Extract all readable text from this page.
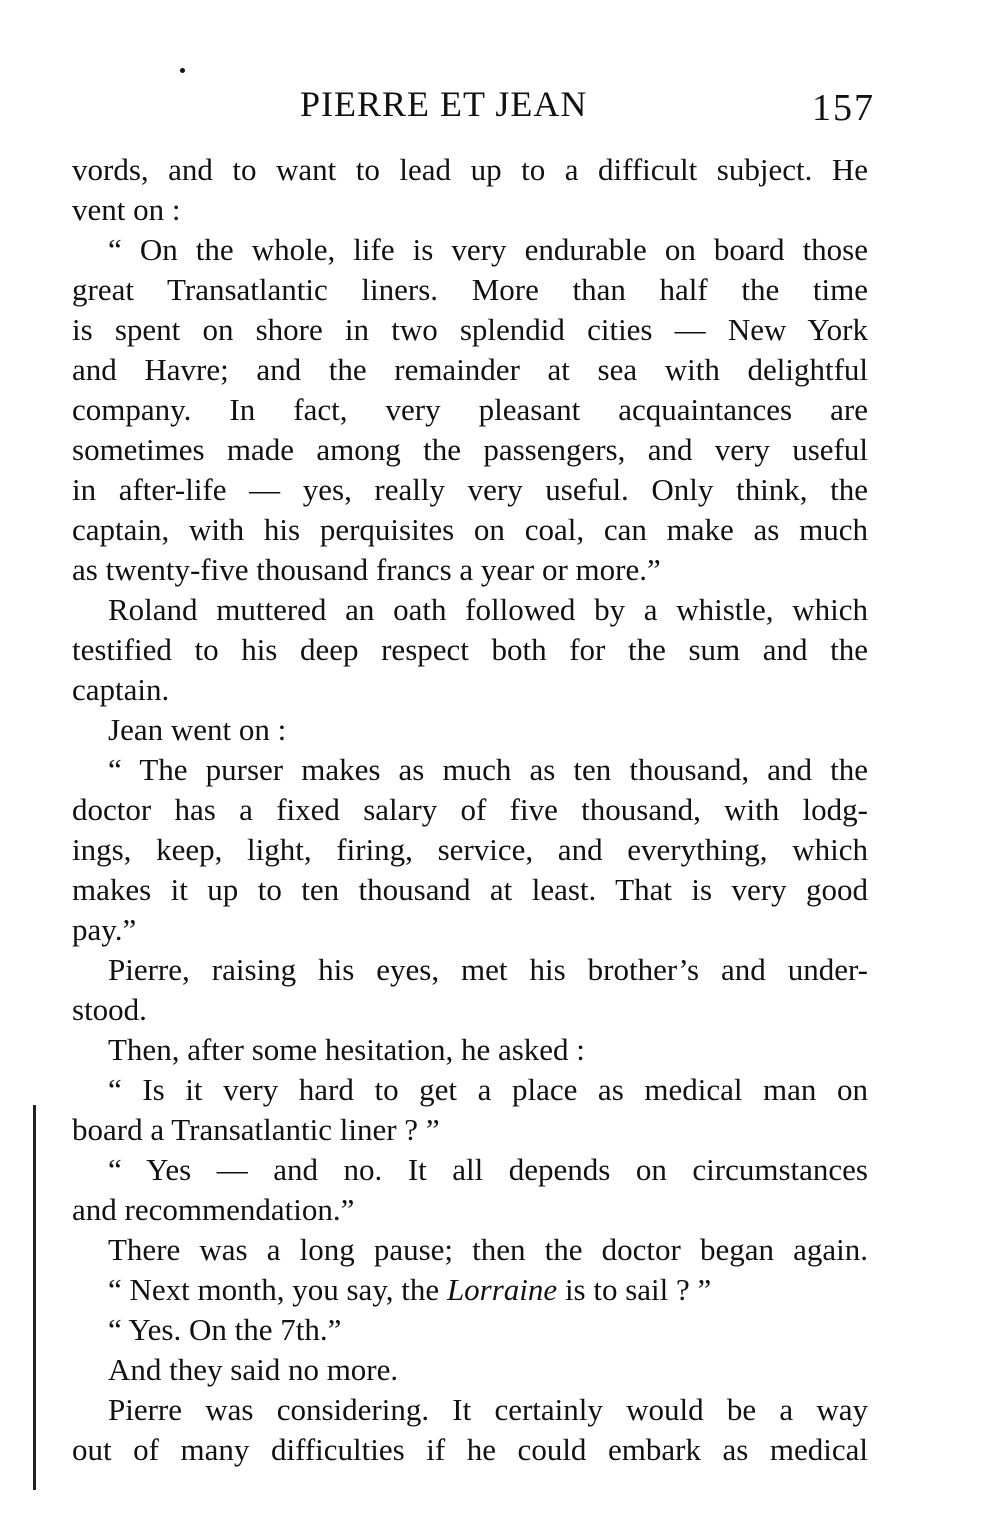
PIERRE ET JEAN	157
vords, and to want to lead up to a difficult subject. He
vent on :
“ On the whole, life is very endurable on board those
great Transatlantic liners. More than half the time
is spent on shore in two splendid cities — New York
and Havre; and the remainder at sea with delightful
company. In fact, very pleasant acquaintances are
sometimes made among the passengers, and very useful
in after-life — yes, really very useful. Only think, the
captain, with his perquisites on coal, can make as much
as twenty-five thousand francs a year or more.”
Roland muttered an oath followed by a whistle, which
testified to his deep respect both for the sum and the
captain.
Jean went on :
“ The purser makes as much as ten thousand, and the
doctor has a fixed salary of five thousand, with lodg-
ings, keep, light, firing, service, and everything, which
makes it up to ten thousand at least. That is very good
pay.”
Pierre, raising his eyes, met his brother’s and under-
stood.
Then, after some hesitation, he asked :
“ Is it very hard to get a place as medical man on
board a Transatlantic liner ? ”
“ Yes — and no. It all depends on circumstances
and recommendation.”
There was a long pause; then the doctor began again.
“ Next month, you say, the Lorraine is to sail ? ”
“ Yes. On the 7th.”
And they said no more.
Pierre was considering. It certainly would be a way
out of many difficulties if he could embark as medical
